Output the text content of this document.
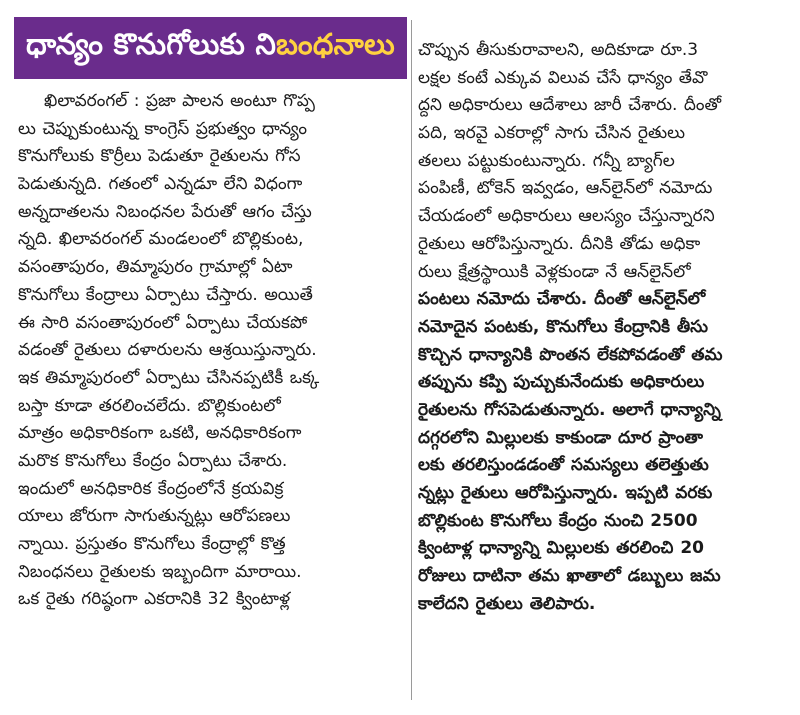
ధాన్యం కొనుగోలుకు ని బంధనాలు
ఖిలావరంగల్ : ప్రజా పాలన అంటూ గొప్ప
లు చెప్పుకుంటున్న కాంగ్రెస్ ప్రభుత్వం ధాన్యం
కొనుగోలుకు కొర్రీలు పెడుతూ రైతులను గోస
పెడుతున్నది. గతంలో ఎన్నడూ లేని విధంగా
అన్నదాతలను నిబంధనల పేరుతో ఆగం చేస్తు
న్నది. ఖిలావరంగల్ మండలంలో బొల్లికుంట,
వసంతాపురం, తిమ్మాపురం గ్రామాల్లో ఏటా
కొనుగోలు కేంద్రాలు ఏర్పాటు చేస్తారు. అయితే
ఈ సారి వసంతాపురంలో ఏర్పాటు చేయకపో
వడంతో రైతులు దళారులను ఆశ్రయిస్తున్నారు.
ఇక తిమ్మాపురంలో ఏర్పాటు చేసినప్పటికీ ఒక్క
బస్తా కూడా తరలించలేదు. బొల్లికుంటలో
మాత్రం అధికారికంగా ఒకటి, అనధికారికంగా
మరొక కొనుగోలు కేంద్రం ఏర్పాటు చేశారు.
ఇందులో అనధికారిక కేంద్రంలోనే క్రయవిక్ర
యాలు జోరుగా సాగుతున్నట్లు ఆరోపణలు
న్నాయి. ప్రస్తుతం కొనుగోలు కేంద్రాల్లో కొత్త
నిబంధనలు రైతులకు ఇబ్బందిగా మారాయి.
ఒక రైతు గరిష్ఠంగా ఎకరానికి 32 క్వింటాళ్ల
చొప్పున తీసుకురావాలని, అదికూడా రూ.3
లక్షల కంటే ఎక్కువ విలువ చేసే ధాన్యం తేవొ
ద్దని అధికారులు ఆదేశాలు జారీ చేశారు. దీంతో
పది, ఇరవై ఎకరాల్లో సాగు చేసిన రైతులు
తలలు పట్టుకుంటున్నారు. గన్నీ బ్యాగ్‌ల
పంపిణీ, టోకెన్ ఇవ్వడం, ఆన్‌లైన్‌లో నమోదు
చేయడంలో అధికారులు ఆలస్యం చేస్తున్నారని
రైతులు ఆరోపిస్తున్నారు. దీనికి తోడు అధికా
రులు క్షేత్రస్థాయికి వెళ్లకుండా నే ఆన్‌లైన్‌లో
పంటలు నమోదు చేశారు. దీంతో ఆన్‌లైన్‌లో
నమోదైన పంటకు, కొనుగోలు కేంద్రానికి తీసు
కొచ్చిన ధాన్యానికి పొంతన లేకపోవడంతో తమ
తప్పును కప్పి పుచ్చుకునేందుకు అధికారులు
రైతులను గోసపెడుతున్నారు. అలాగే ధాన్యాన్ని
దగ్గరలోని మిల్లులకు కాకుండా దూర ప్రాంతా
లకు తరలిస్తుండడంతో సమస్యలు తలెత్తుతు
న్నట్లు రైతులు ఆరోపిస్తున్నారు. ఇప్పటి వరకు
బొల్లికుంట కొనుగోలు కేంద్రం నుంచి 2500
క్వింటాళ్ల ధాన్యాన్ని మిల్లులకు తరలించి 20
రోజులు దాటినా తమ ఖాతాలో డబ్బులు జమ
కాలేదని రైతులు తెలిపారు.
